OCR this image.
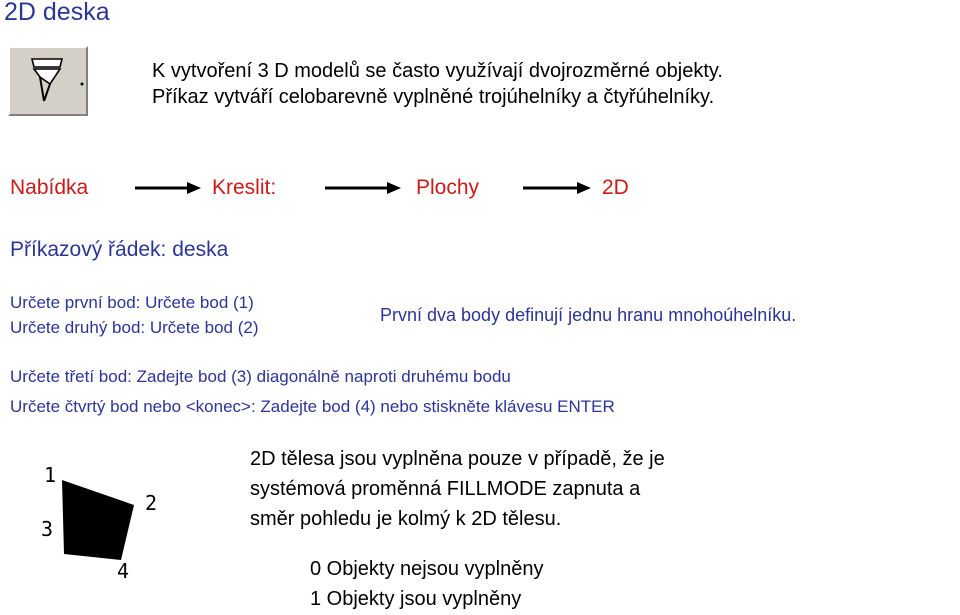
2D deska
K vytvoření 3 D modelů se často využívají dvojrozměrné objekty.
Příkaz vytváří celobarevně vyplněné trojúhelníky a čtyřúhelníky.
Nabídka	Kreslit:	Plochy	2D
Příkazový řádek: deska
Určete první bod: Určete bod (1)
Určete druhý bod: Určete bod (2)
První dva body definují jednu hranu mnohoúhelníku.
Určete třetí bod: Zadejte bod (3) diagonálně naproti druhému bodu
Určete čtvrtý bod nebo <konec>: Zadejte bod (4) nebo stiskněte klávesu ENTER
1
2
3
4
2D tělesa jsou vyplněna pouze v případě, že je
systémová proměnná FILLMODE zapnuta a
směr pohledu je kolmý k 2D tělesu.
0 Objekty nejsou vyplněny
1 Objekty jsou vyplněny
